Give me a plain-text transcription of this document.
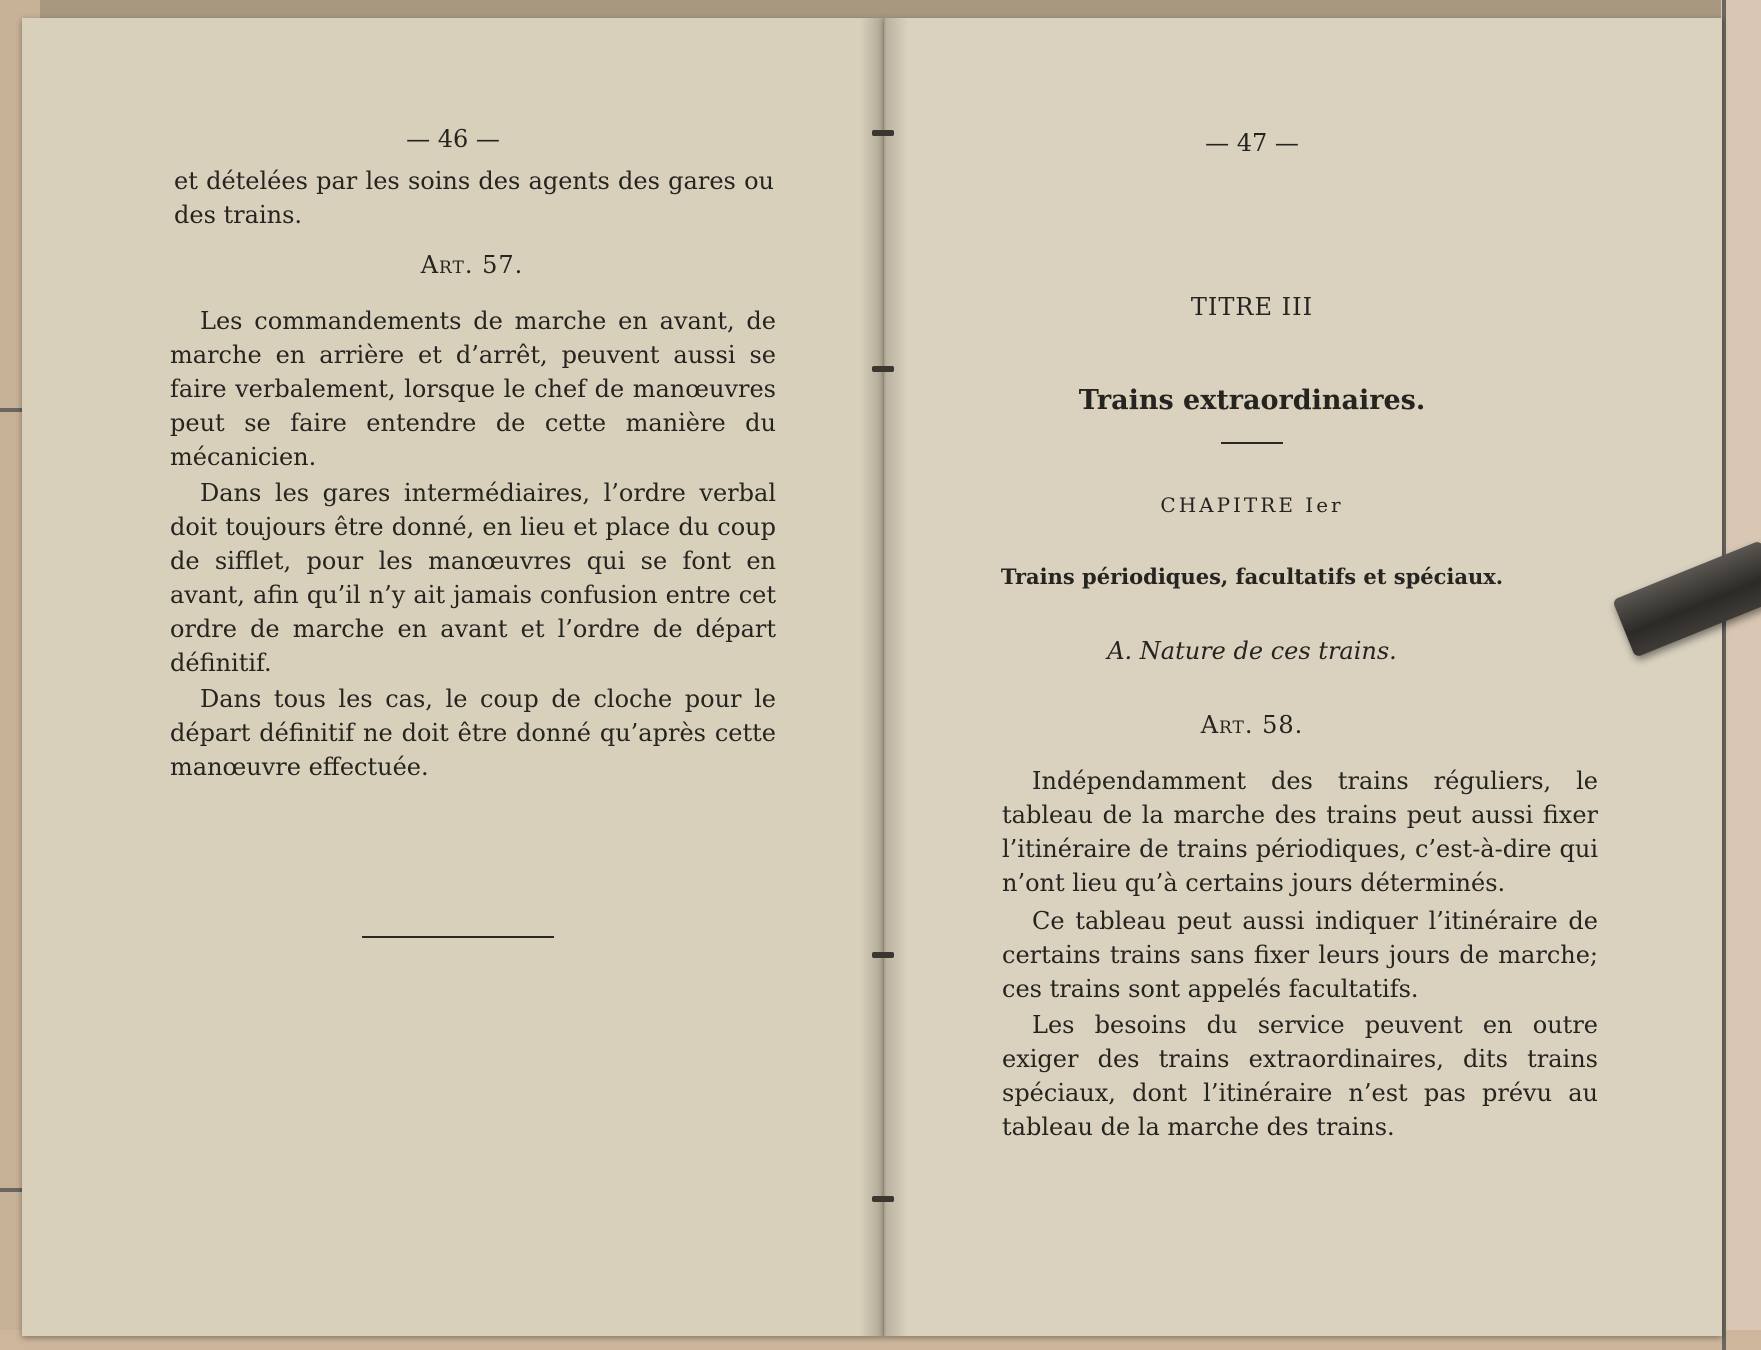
— 46 —
et dételées par les soins des agents des gares ou des trains.
Art. 57.
Les commandements de marche en avant, de marche en arrière et d’arrêt, peuvent aussi se faire verbalement, lorsque le chef de manœuvres peut se faire entendre de cette manière du mécanicien.
Dans les gares intermédiaires, l’ordre verbal doit toujours être donné, en lieu et place du coup de sifflet, pour les manœuvres qui se font en avant, afin qu’il n’y ait jamais confusion entre cet ordre de marche en avant et l’ordre de départ définitif.
Dans tous les cas, le coup de cloche pour le départ définitif ne doit être donné qu’après cette manœuvre effectuée.
— 47 —
TITRE III
Trains extraordinaires.
CHAPITRE Ier
Trains périodiques, facultatifs et spéciaux.
A. Nature de ces trains.
Art. 58.
Indépendamment des trains réguliers, le tableau de la marche des trains peut aussi fixer l’itinéraire de trains périodiques, c’est-à-dire qui n’ont lieu qu’à certains jours déterminés.
Ce tableau peut aussi indiquer l’itinéraire de certains trains sans fixer leurs jours de marche; ces trains sont appelés facultatifs.
Les besoins du service peuvent en outre exiger des trains extraordinaires, dits trains spéciaux, dont l’itinéraire n’est pas prévu au tableau de la marche des trains.
